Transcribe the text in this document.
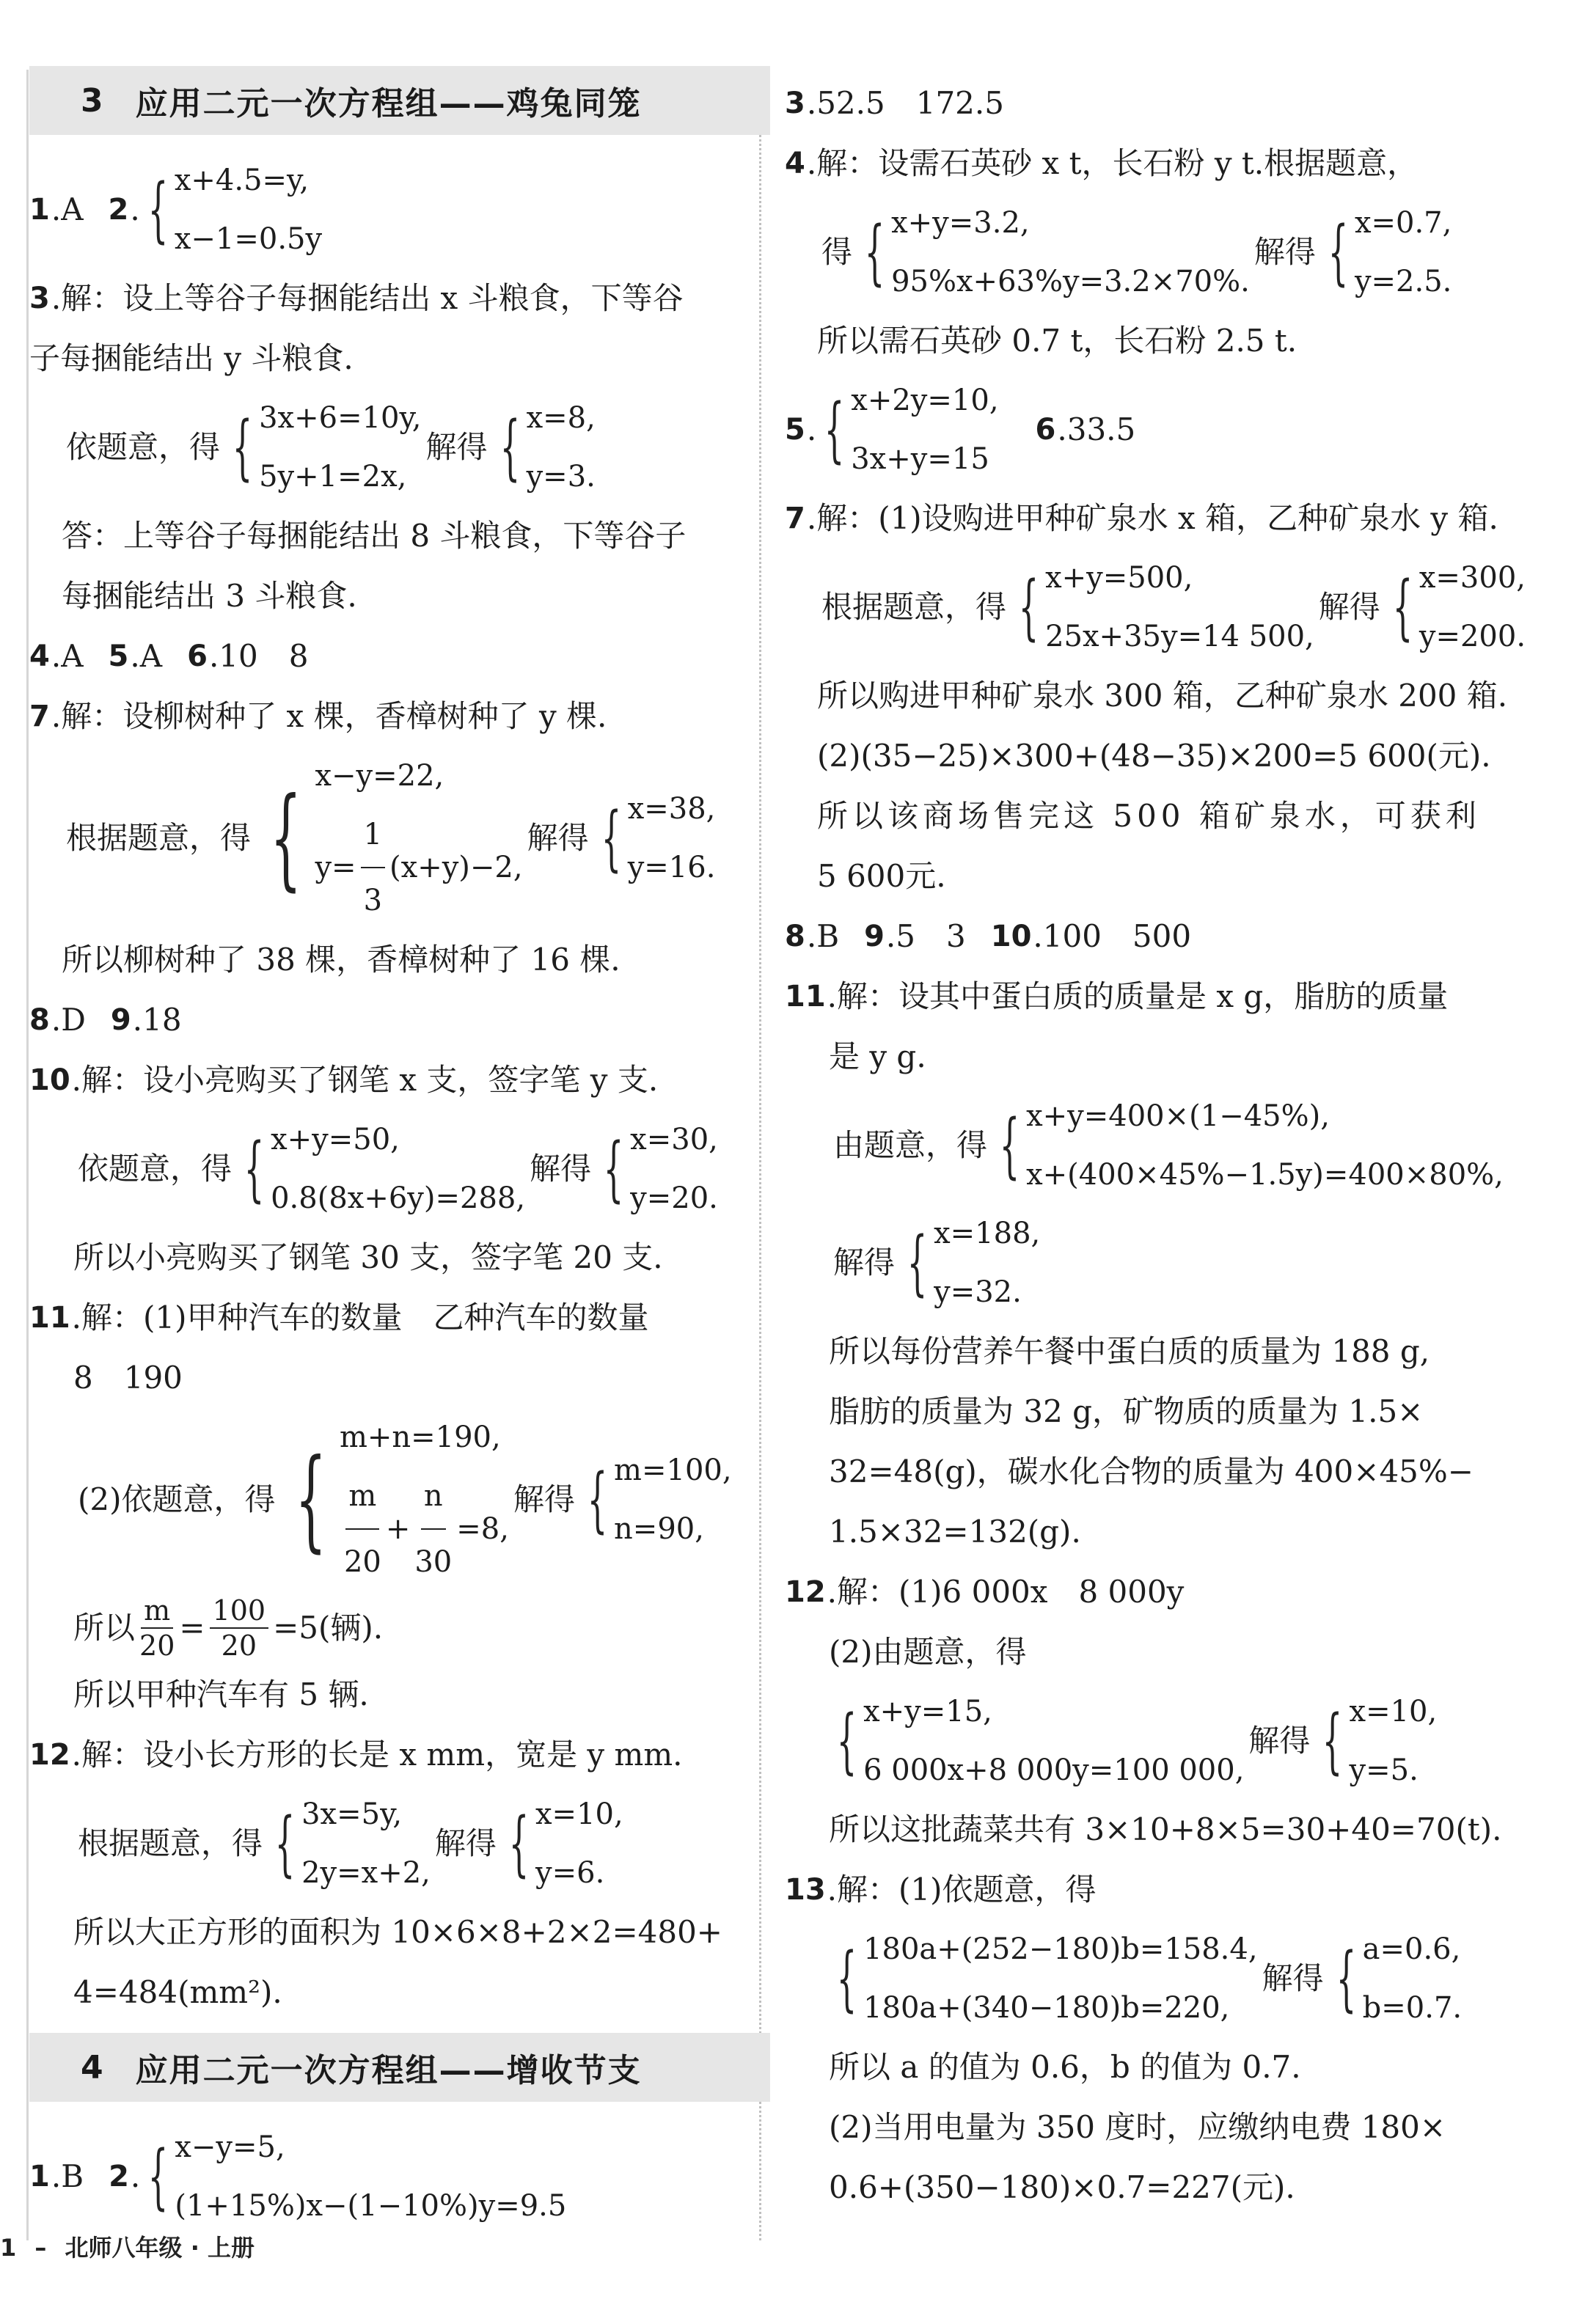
3 应用二元一次方程组——鸡兔同笼
1 . A 2 . { x+4.5=y,
x−1=0.5y
3 . 解：设上等谷子每捆能结出 x 斗粮食，下等谷
子每捆能结出 y 斗粮食.
依题意，得 { 3x+6=10y,
5y+1=2x,
解得 { x=8,
y=3.
答：上等谷子每捆能结出 8 斗粮食，下等谷子
每捆能结出 3 斗粮食.
4 . A 5 . A 6 . 10　8
7 . 解：设柳树种了 x 棵，香樟树种了 y 棵.
根据题意，得 { x−y=22,
$y= \frac{1}{3} (x+y)-2$,
解得 { x=38,
y=16.
所以柳树种了 38 棵，香樟树种了 16 棵.
8 . D 9 . 18
10 . 解：设小亮购买了钢笔 x 支，签字笔 y 支.
依题意，得 { x+y=50,
0.8(8x+6y)=288,
解得 { x=30,
y=20.
所以小亮购买了钢笔 30 支，签字笔 20 支.
11 . 解：(1)甲种汽车的数量　乙种汽车的数量
8　190
(2)依题意，得 { m+n=190,
$\frac{m}{20} + \frac{n}{30} =8$,
解得 { m=100,
n=90,
所以 $\frac{m}{20} = \frac{100}{20} =5$(辆).
所以甲种汽车有 5 辆.
12 . 解：设小长方形的长是 x mm，宽是 y mm.
根据题意，得 { 3x=5y,
2y=x+2,
解得 { x=10,
y=6.
所以大正方形的面积为 10×6×8+2×2=480+
4=484(mm²).
4 应用二元一次方程组——增收节支
1 . B 2 . { x−y=5,
(1+15%)x−(1−10%)y=9.5
3 . 52.5　172.5
4 . 解：设需石英砂 x t，长石粉 y t.根据题意，
得 { x+y=3.2,
95%x+63%y=3.2×70%.
解得 { x=0.7,
y=2.5.
所以需石英砂 0.7 t，长石粉 2.5 t.
5 . { x+2y=10,
3x+y=15
6 . 33.5
7 . 解：(1)设购进甲种矿泉水 x 箱，乙种矿泉水 y 箱.
根据题意，得 { x+y=500,
25x+35y=14 500,
解得 { x=300,
y=200.
所以购进甲种矿泉水 300 箱，乙种矿泉水 200 箱.
(2)(35−25)×300+(48−35)×200=5 600(元).
所以该商场售完这 500 箱矿泉水，可获利
5 600元.
8 . B 9 . 5　3 10 . 100　500
11 . 解：设其中蛋白质的质量是 x g，脂肪的质量
是 y g.
由题意，得 { x+y=400×(1−45%),
x+(400×45%−1.5y)=400×80%,
解得 { x=188,
y=32.
所以每份营养午餐中蛋白质的质量为 188 g,
脂肪的质量为 32 g，矿物质的质量为 1.5×
32=48(g)，碳水化合物的质量为 400×45%−
1.5×32=132(g).
12 . 解：(1)6 000x　8 000y
(2)由题意，得
{ x+y=15,
6 000x+8 000y=100 000,
解得 { x=10,
y=5.
所以这批蔬菜共有 3×10+8×5=30+40=70(t).
13 . 解：(1)依题意，得
{ 180a+(252−180)b=158.4,
180a+(340−180)b=220,
解得 { a=0.6,
b=0.7.
所以 a 的值为 0.6，b 的值为 0.7.
(2)当用电量为 350 度时，应缴纳电费 180×
0.6+(350−180)×0.7=227(元).
1 – 北师八年级 · 上册
